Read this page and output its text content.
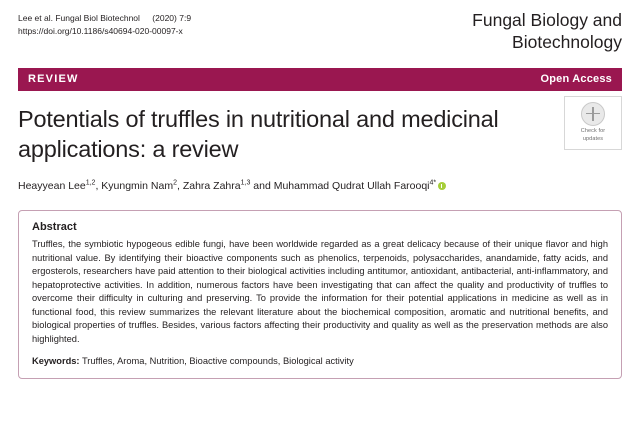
Lee et al. Fungal Biol Biotechnol (2020) 7:9
https://doi.org/10.1186/s40694-020-00097-x
Fungal Biology and Biotechnology
REVIEW	Open Access
Check for
updates
Potentials of truffles in nutritional and medicinal applications: a review
Heayyean Lee$^{1,2}$, Kyungmin Nam$^2$, Zahra Zahra$^{1,3}$ and Muhammad Qudrat Ullah Farooqi$^{4*}$
Abstract
Truffles, the symbiotic hypogeous edible fungi, have been worldwide regarded as a great delicacy because of their unique flavor and high nutritional value. By identifying their bioactive components such as phenolics, terpenoids, polysaccharides, anandamide, fatty acids, and ergosterols, researchers have paid attention to their biological activities including antitumor, antioxidant, antibacterial, anti-inflammatory, and hepatoprotective activities. In addition, numerous factors have been investigating that can affect the quality and productivity of truffles to overcome their difficulty in culturing and preserving. To provide the information for their potential applications in medicine as well as in functional food, this review summarizes the relevant literature about the biochemical composition, aromatic and nutritional benefits, and biological properties of truffles. Besides, various factors affecting their productivity and quality as well as the preservation methods are also highlighted.
Keywords: Truffles, Aroma, Nutrition, Bioactive compounds, Biological activity
